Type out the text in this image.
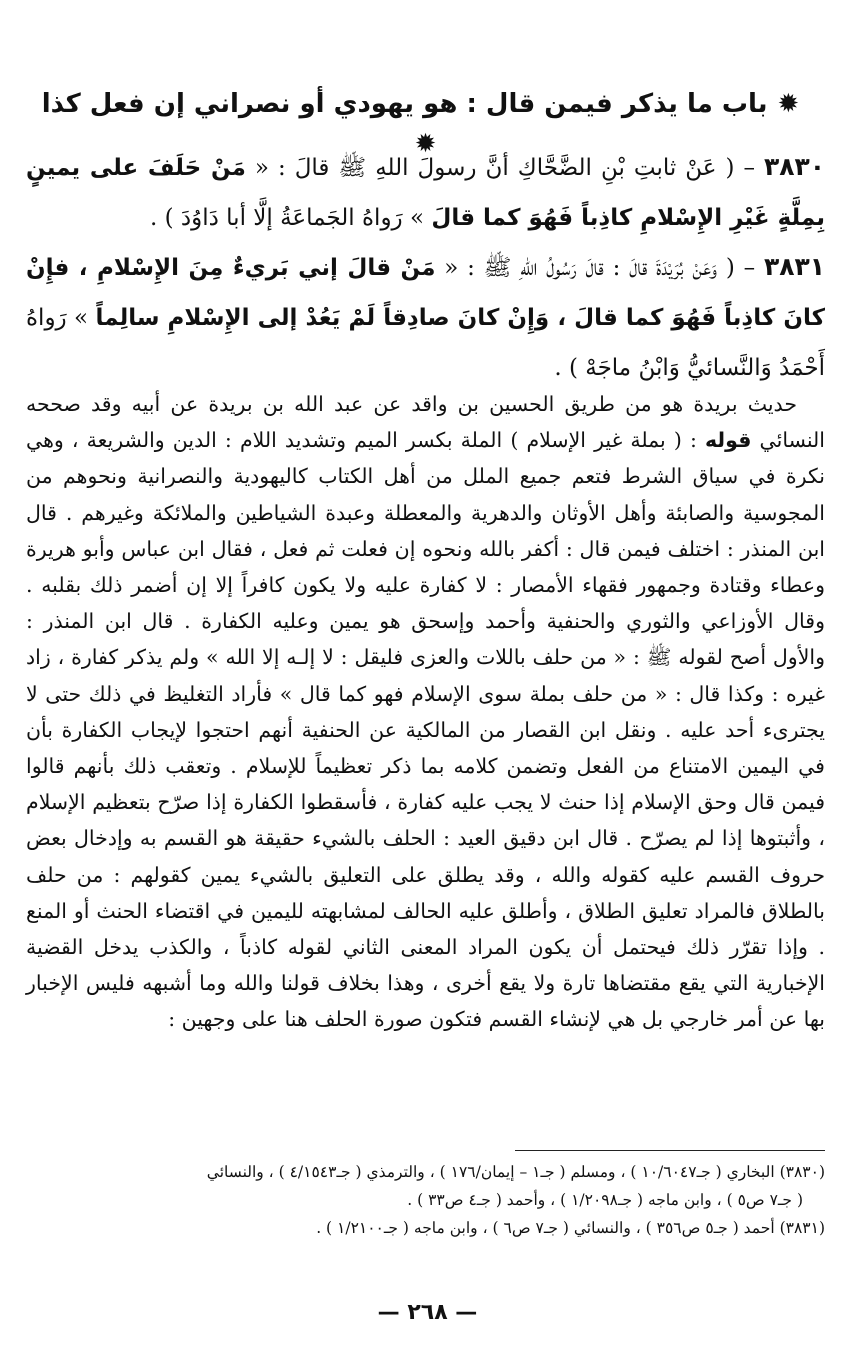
✹باب ما يذكر فيمن قال : هو يهودي أو نصراني إن فعل كذا✹
٣٨٣٠ – ( عَنْ ثابتِ بْنِ الضَّحَّاكِ أنَّ رسولَ اللهِ ﷺ قالَ : « مَنْ حَلَفَ على يمينٍ بِمِلَّةٍ غَيْرِ الإِسْلامِ كاذِباً فَهُوَ كما قالَ » رَواهُ الجَماعَةُ إلَّا أبا دَاوُدَ ) .
٣٨٣١ – ( وَعَنْ بُرَيْدَةَ قالَ : قالَ رَسُولُ اللهِ ﷺ : « مَنْ قالَ إني بَريءٌ مِنَ الإِسْلامِ ، فإِنْ كانَ كاذِباً فَهُوَ كما قالَ ، وَإِنْ كانَ صادِقاً لَمْ يَعُدْ إلى الإِسْلامِ سالِماً » رَواهُ أَحْمَدُ وَالنَّسائيُّ وَابْنُ ماجَهْ ) .

حديث بريدة هو من طريق الحسين بن واقد عن عبد الله بن بريدة عن أبيه وقد صححه النسائي قوله : ( بملة غير الإسلام ) الملة بكسر الميم وتشديد اللام : الدين والشريعة ، وهي نكرة في سياق الشرط فتعم جميع الملل من أهل الكتاب كاليهودية والنصرانية ونحوهم من المجوسية والصابئة وأهل الأوثان والدهرية والمعطلة وعبدة الشياطين والملائكة وغيرهم . قال ابن المنذر : اختلف فيمن قال : أكفر بالله ونحوه إن فعلت ثم فعل ، فقال ابن عباس وأبو هريرة وعطاء وقتادة وجمهور فقهاء الأمصار : لا كفارة عليه ولا يكون كافراً إلا إن أضمر ذلك بقلبه . وقال الأوزاعي والثوري والحنفية وأحمد وإسحق هو يمين وعليه الكفارة . قال ابن المنذر : والأول أصح لقوله ﷺ : « من حلف باللات والعزى فليقل : لا إلـه إلا الله » ولم يذكر كفارة ، زاد غيره : وكذا قال : « من حلف بملة سوى الإسلام فهو كما قال » فأراد التغليظ في ذلك حتى لا يجترىء أحد عليه . ونقل ابن القصار من المالكية عن الحنفية أنهم احتجوا لإيجاب الكفارة بأن في اليمين الامتناع من الفعل وتضمن كلامه بما ذكر تعظيماً للإسلام . وتعقب ذلك بأنهم قالوا فيمن قال وحق الإسلام إذا حنث لا يجب عليه كفارة ، فأسقطوا الكفارة إذا صرّح بتعظيم الإسلام ، وأثبتوها إذا لم يصرّح . قال ابن دقيق العيد : الحلف بالشيء حقيقة هو القسم به وإدخال بعض حروف القسم عليه كقوله والله ، وقد يطلق على التعليق بالشيء يمين كقولهم : من حلف بالطلاق فالمراد تعليق الطلاق ، وأطلق عليه الحالف لمشابهته لليمين في اقتضاء الحنث أو المنع . وإذا تقرّر ذلك فيحتمل أن يكون المراد المعنى الثاني لقوله كاذباً ، والكذب يدخل القضية الإخبارية التي يقع مقتضاها تارة ولا يقع أخرى ، وهذا بخلاف قولنا والله وما أشبهه فليس الإخبار بها عن أمر خارجي بل هي لإنشاء القسم فتكون صورة الحلف هنا على وجهين :

(٣٨٣٠) البخاري ( جـ١٠/٦٠٤٧ ) ، ومسلم ( جـ١ – إيمان/١٧٦ ) ، والترمذي ( جـ٤/١٥٤٣ ) ، والنسائي

( جـ٧ ص٥ ) ، وابن ماجه ( جـ١/٢٠٩٨ ) ، وأحمد ( جـ٤ ص٣٣ ) .

(٣٨٣١) أحمد ( جـ٥ ص٣٥٦ ) ، والنسائي ( جـ٧ ص٦ ) ، وابن ماجه ( جـ١/٢١٠٠ ) .

— ٢٦٨ —
